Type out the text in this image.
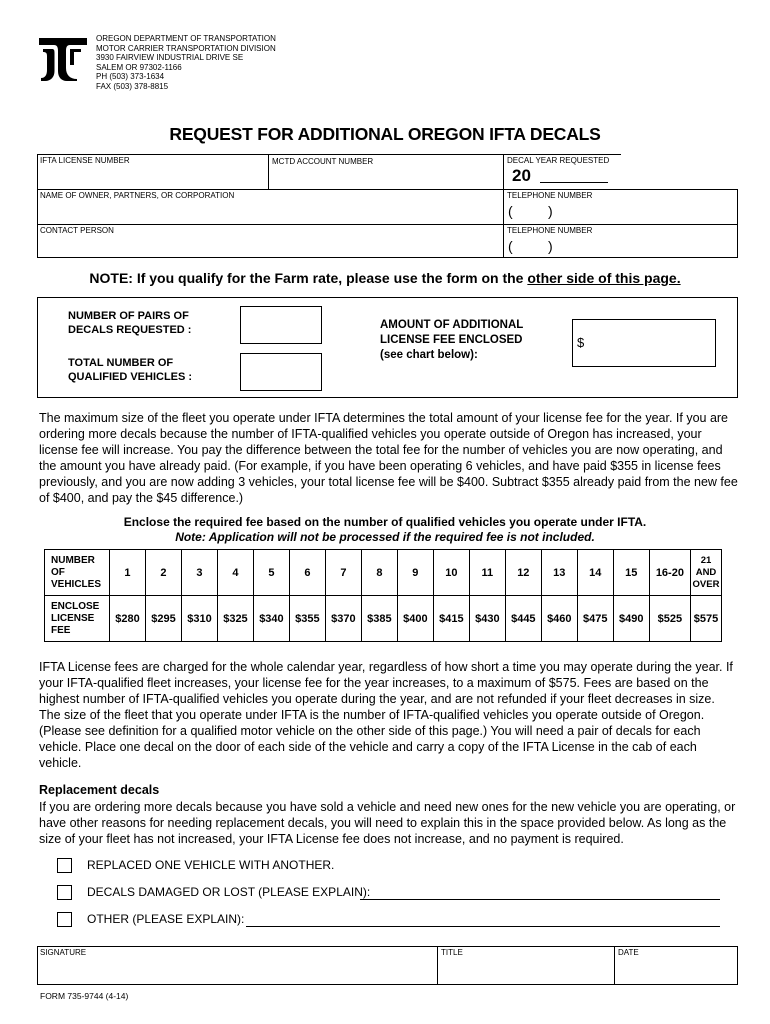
OREGON DEPARTMENT OF TRANSPORTATION
MOTOR CARRIER TRANSPORTATION DIVISION
3930 FAIRVIEW INDUSTRIAL DRIVE SE
SALEM OR 97302-1166
PH (503) 373-1634
FAX (503) 378-8815
REQUEST FOR ADDITIONAL OREGON IFTA DECALS
IFTA LICENSE NUMBER	MCTD ACCOUNT NUMBER	DECAL YEAR REQUESTED
20
NAME OF OWNER, PARTNERS, OR CORPORATION	TELEPHONE NUMBER
(	)
CONTACT PERSON	TELEPHONE NUMBER
(	)
NOTE: If you qualify for the Farm rate, please use the form on the other side of this page.
NUMBER OF PAIRS OF
DECALS REQUESTED :
TOTAL NUMBER OF
QUALIFIED VEHICLES :
AMOUNT OF ADDITIONAL
LICENSE FEE ENCLOSED
(see chart below):
$
The maximum size of the fleet you operate under IFTA determines the total amount of your license fee for the year. If you are ordering more decals because the number of IFTA-qualified vehicles you operate outside of Oregon has increased, your license fee will increase. You pay the difference between the total fee for the number of vehicles you are now operating, and the amount you have already paid. (For example, if you have been operating 6 vehicles, and have paid $355 in license fees previously, and you are now adding 3 vehicles, your total license fee will be $400. Subtract $355 already paid from the new fee of $400, and pay the $45 difference.)
Enclose the required fee based on the number of qualified vehicles you operate under IFTA.
Note: Application will not be processed if the required fee is not included.
NUMBER
OF
VEHICLES	1	2	3	4	5	6	7	8	9	10	11	12	13	14	15	16-20	21 AND OVER

ENCLOSE
LICENSE
FEE	$280	$295	$310	$325	$340	$355	$370	$385	$400	$415	$430	$445	$460	$475	$490	$525	$575
IFTA License fees are charged for the whole calendar year, regardless of how short a time you may operate during the year. If your IFTA-qualified fleet increases, your license fee for the year increases, to a maximum of $575. Fees are based on the highest number of IFTA-qualified vehicles you operate during the year, and are not refunded if your fleet decreases in size. The size of the fleet that you operate under IFTA is the number of IFTA-qualified vehicles you operate outside of Oregon. (Please see definition for a qualified motor vehicle on the other side of this page.) You will need a pair of decals for each vehicle. Place one decal on the door of each side of the vehicle and carry a copy of the IFTA License in the cab of each vehicle.
Replacement decals
If you are ordering more decals because you have sold a vehicle and need new ones for the new vehicle you are operating, or have other reasons for needing replacement decals, you will need to explain this in the space provided below. As long as the size of your fleet has not increased, your IFTA License fee does not increase, and no payment is required.
REPLACED ONE VEHICLE WITH ANOTHER.
DECALS DAMAGED OR LOST (PLEASE EXPLAIN):
OTHER (PLEASE EXPLAIN):
SIGNATURE	TITLE	DATE
FORM 735-9744 (4-14)
